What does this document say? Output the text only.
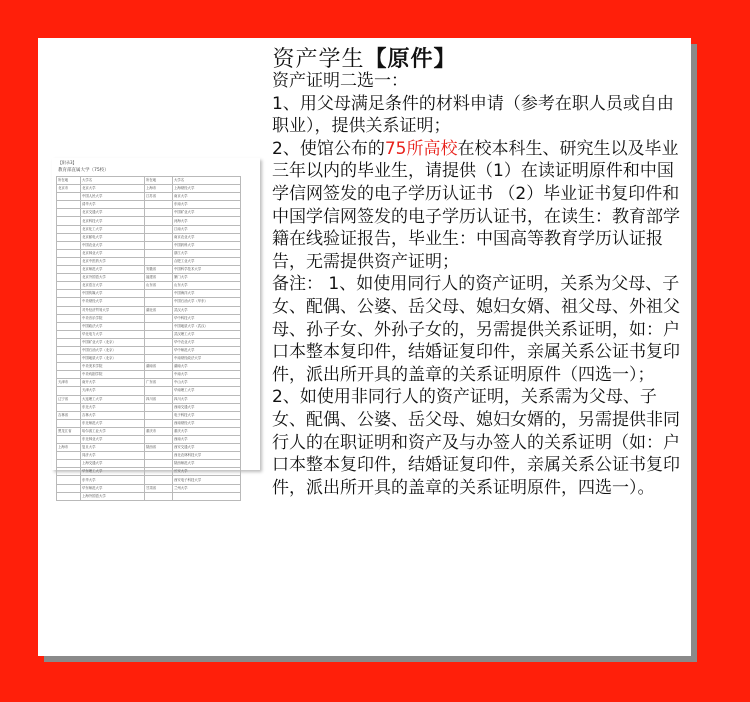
资产学生【原件】

资产证明二选一：

1、用父母满足条件的材料申请（参考在职人员或自由职业），提供关系证明；

2、使馆公布的75所高校在校本科生、研究生以及毕业三年以内的毕业生，请提供（1）在读证明原件和中国学信网签发的电子学历认证书 （2）毕业证书复印件和中国学信网签发的电子学历认证书，在读生：教育部学籍在线验证报告，毕业生：中国高等教育学历认证报告，无需提供资产证明；

备注： 1、如使用同行人的资产证明，关系为父母、子女、配偶、公婆、岳父母、媳妇女婿、祖父母、外祖父母、孙子女、外孙子女的，另需提供关系证明，如：户口本整本复印件，结婚证复印件，亲属关系公证书复印件，派出所开具的盖章的关系证明原件（四选一）； 2、如使用非同行人的资产证明，关系需为父母、子女、配偶、公婆、岳父母、媳妇女婿的，另需提供非同行人的在职证明和资产及与办签人的关系证明（如：户口本整本复印件，结婚证复印件，亲属关系公证书复印件，派出所开具的盖章的关系证明原件，四选一）。

【附录3】
教育部直属大学（75校）
所在地	大学名	所在地	大学名
北京市	北京大学	上海市	上海财经大学
	中国人民大学	江苏省	南京大学
	清华大学		东南大学
	北京交通大学		中国矿业大学
	北京科技大学		河海大学
	北京化工大学		江南大学
	北京邮电大学		南京农业大学
	中国农业大学		中国药科大学
	北京林业大学		浙江大学
	北京中医药大学		合肥工业大学
	北京师范大学	安徽省	中国科学技术大学
	北京外国语大学	福建省	厦门大学
	北京语言大学	山东省	山东大学
	中国传媒大学		中国海洋大学
	中央财经大学		中国石油大学（华东）
	对外经济贸易大学	湖北省	武汉大学
	中央音乐学院		华中科技大学
	中国政法大学		中国地质大学（武汉）
	华北电力大学		武汉理工大学
	中国矿业大学（北京）		华中农业大学
	中国石油大学（北京）		华中师范大学
	中国地质大学（北京）		中南财经政法大学
	中央美术学院	湖南省	湖南大学
	中央戏剧学院		中南大学
天津市	南开大学	广东省	中山大学
	天津大学		华南理工大学
辽宁省	大连理工大学	四川省	四川大学
	东北大学		西南交通大学
吉林省	吉林大学		电子科技大学
	东北师范大学		西南财经大学
黑龙江省	哈尔滨工业大学	重庆市	重庆大学
	东北林业大学		西南大学
上海市	复旦大学	陕西省	西安交通大学
	同济大学		西北农林科技大学
	上海交通大学		陕西师范大学
	华东理工大学		长安大学
	东华大学		西安电子科技大学
	华东师范大学	甘肃省	兰州大学
	上海外国语大学		
